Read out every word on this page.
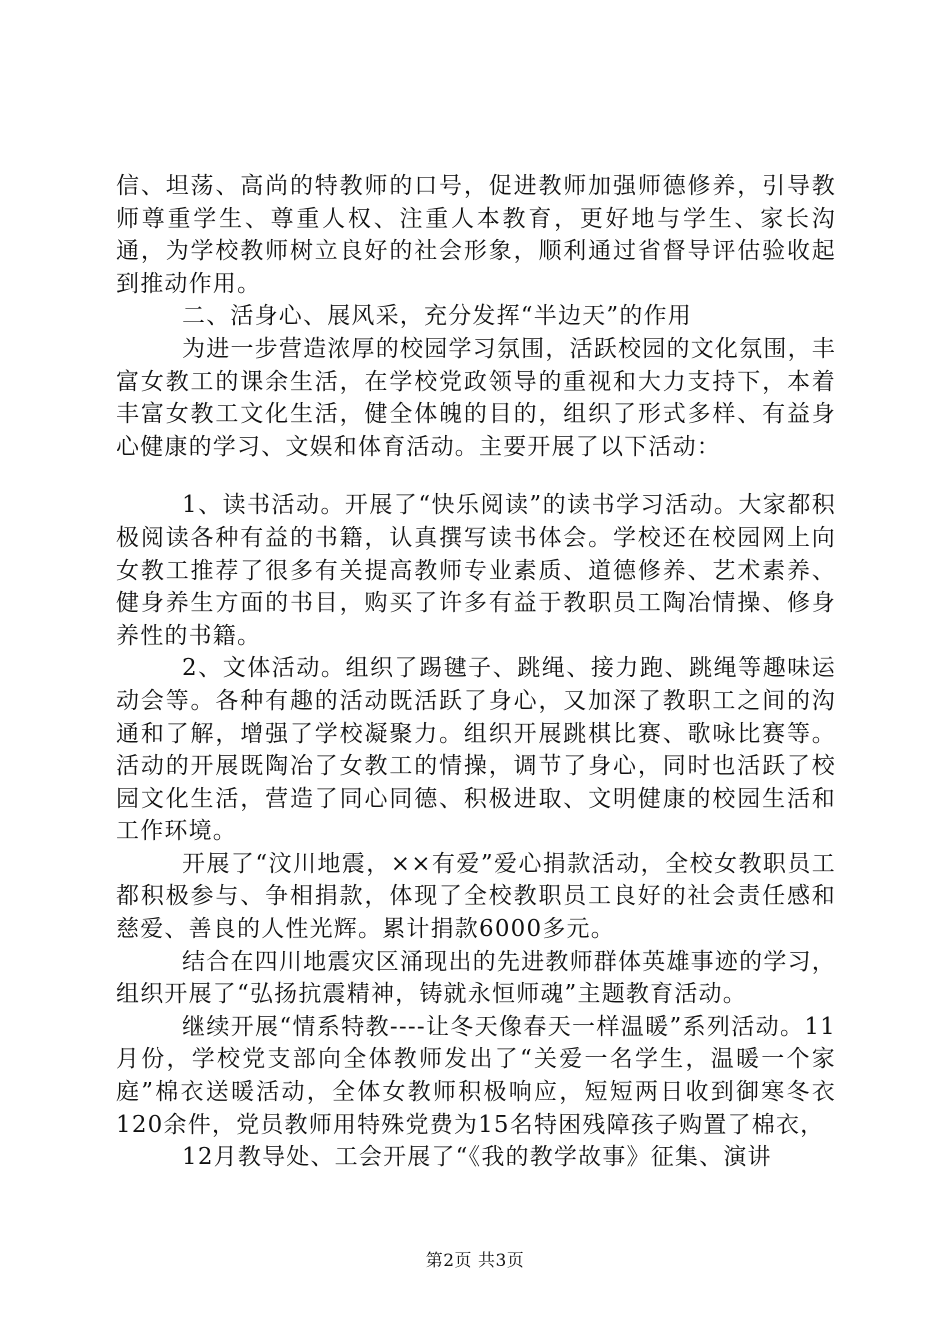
信、坦荡、高尚的特教师的口号，促进教师加强师德修养，引导教师尊重学生、尊重人权、注重人本教育，更好地与学生、家长沟通，为学校教师树立良好的社会形象，顺利通过省督导评估验收起到推动作用。

二、活身心、展风采，充分发挥“半边天”的作用

为进一步营造浓厚的校园学习氛围，活跃校园的文化氛围，丰富女教工的课余生活，在学校党政领导的重视和大力支持下，本着丰富女教工文化生活，健全体魄的目的，组织了形式多样、有益身心健康的学习、文娱和体育活动。主要开展了以下活动：

1、读书活动。开展了“快乐阅读”的读书学习活动。大家都积极阅读各种有益的书籍，认真撰写读书体会。学校还在校园网上向女教工推荐了很多有关提高教师专业素质、道德修养、艺术素养、健身养生方面的书目，购买了许多有益于教职员工陶冶情操、修身养性的书籍。

2、文体活动。组织了踢毽子、跳绳、接力跑、跳绳等趣味运动会等。各种有趣的活动既活跃了身心，又加深了教职工之间的沟通和了解，增强了学校凝聚力。组织开展跳棋比赛、歌咏比赛等。活动的开展既陶冶了女教工的情操，调节了身心，同时也活跃了校园文化生活，营造了同心同德、积极进取、文明健康的校园生活和工作环境。

开展了“汶川地震，××有爱”爱心捐款活动，全校女教职员工都积极参与、争相捐款，体现了全校教职员工良好的社会责任感和慈爱、善良的人性光辉。累计捐款6000多元。

结合在四川地震灾区涌现出的先进教师群体英雄事迹的学习，组织开展了“弘扬抗震精神，铸就永恒师魂”主题教育活动。

继续开展“情系特教----让冬天像春天一样温暖”系列活动。11月份，学校党支部向全体教师发出了“关爱一名学生，温暖一个家庭”棉衣送暖活动，全体女教师积极响应，短短两日收到御寒冬衣120余件，党员教师用特殊党费为15名特困残障孩子购置了棉衣，

12月教导处、工会开展了“《我的教学故事》征集、演讲

第2页 共3页
